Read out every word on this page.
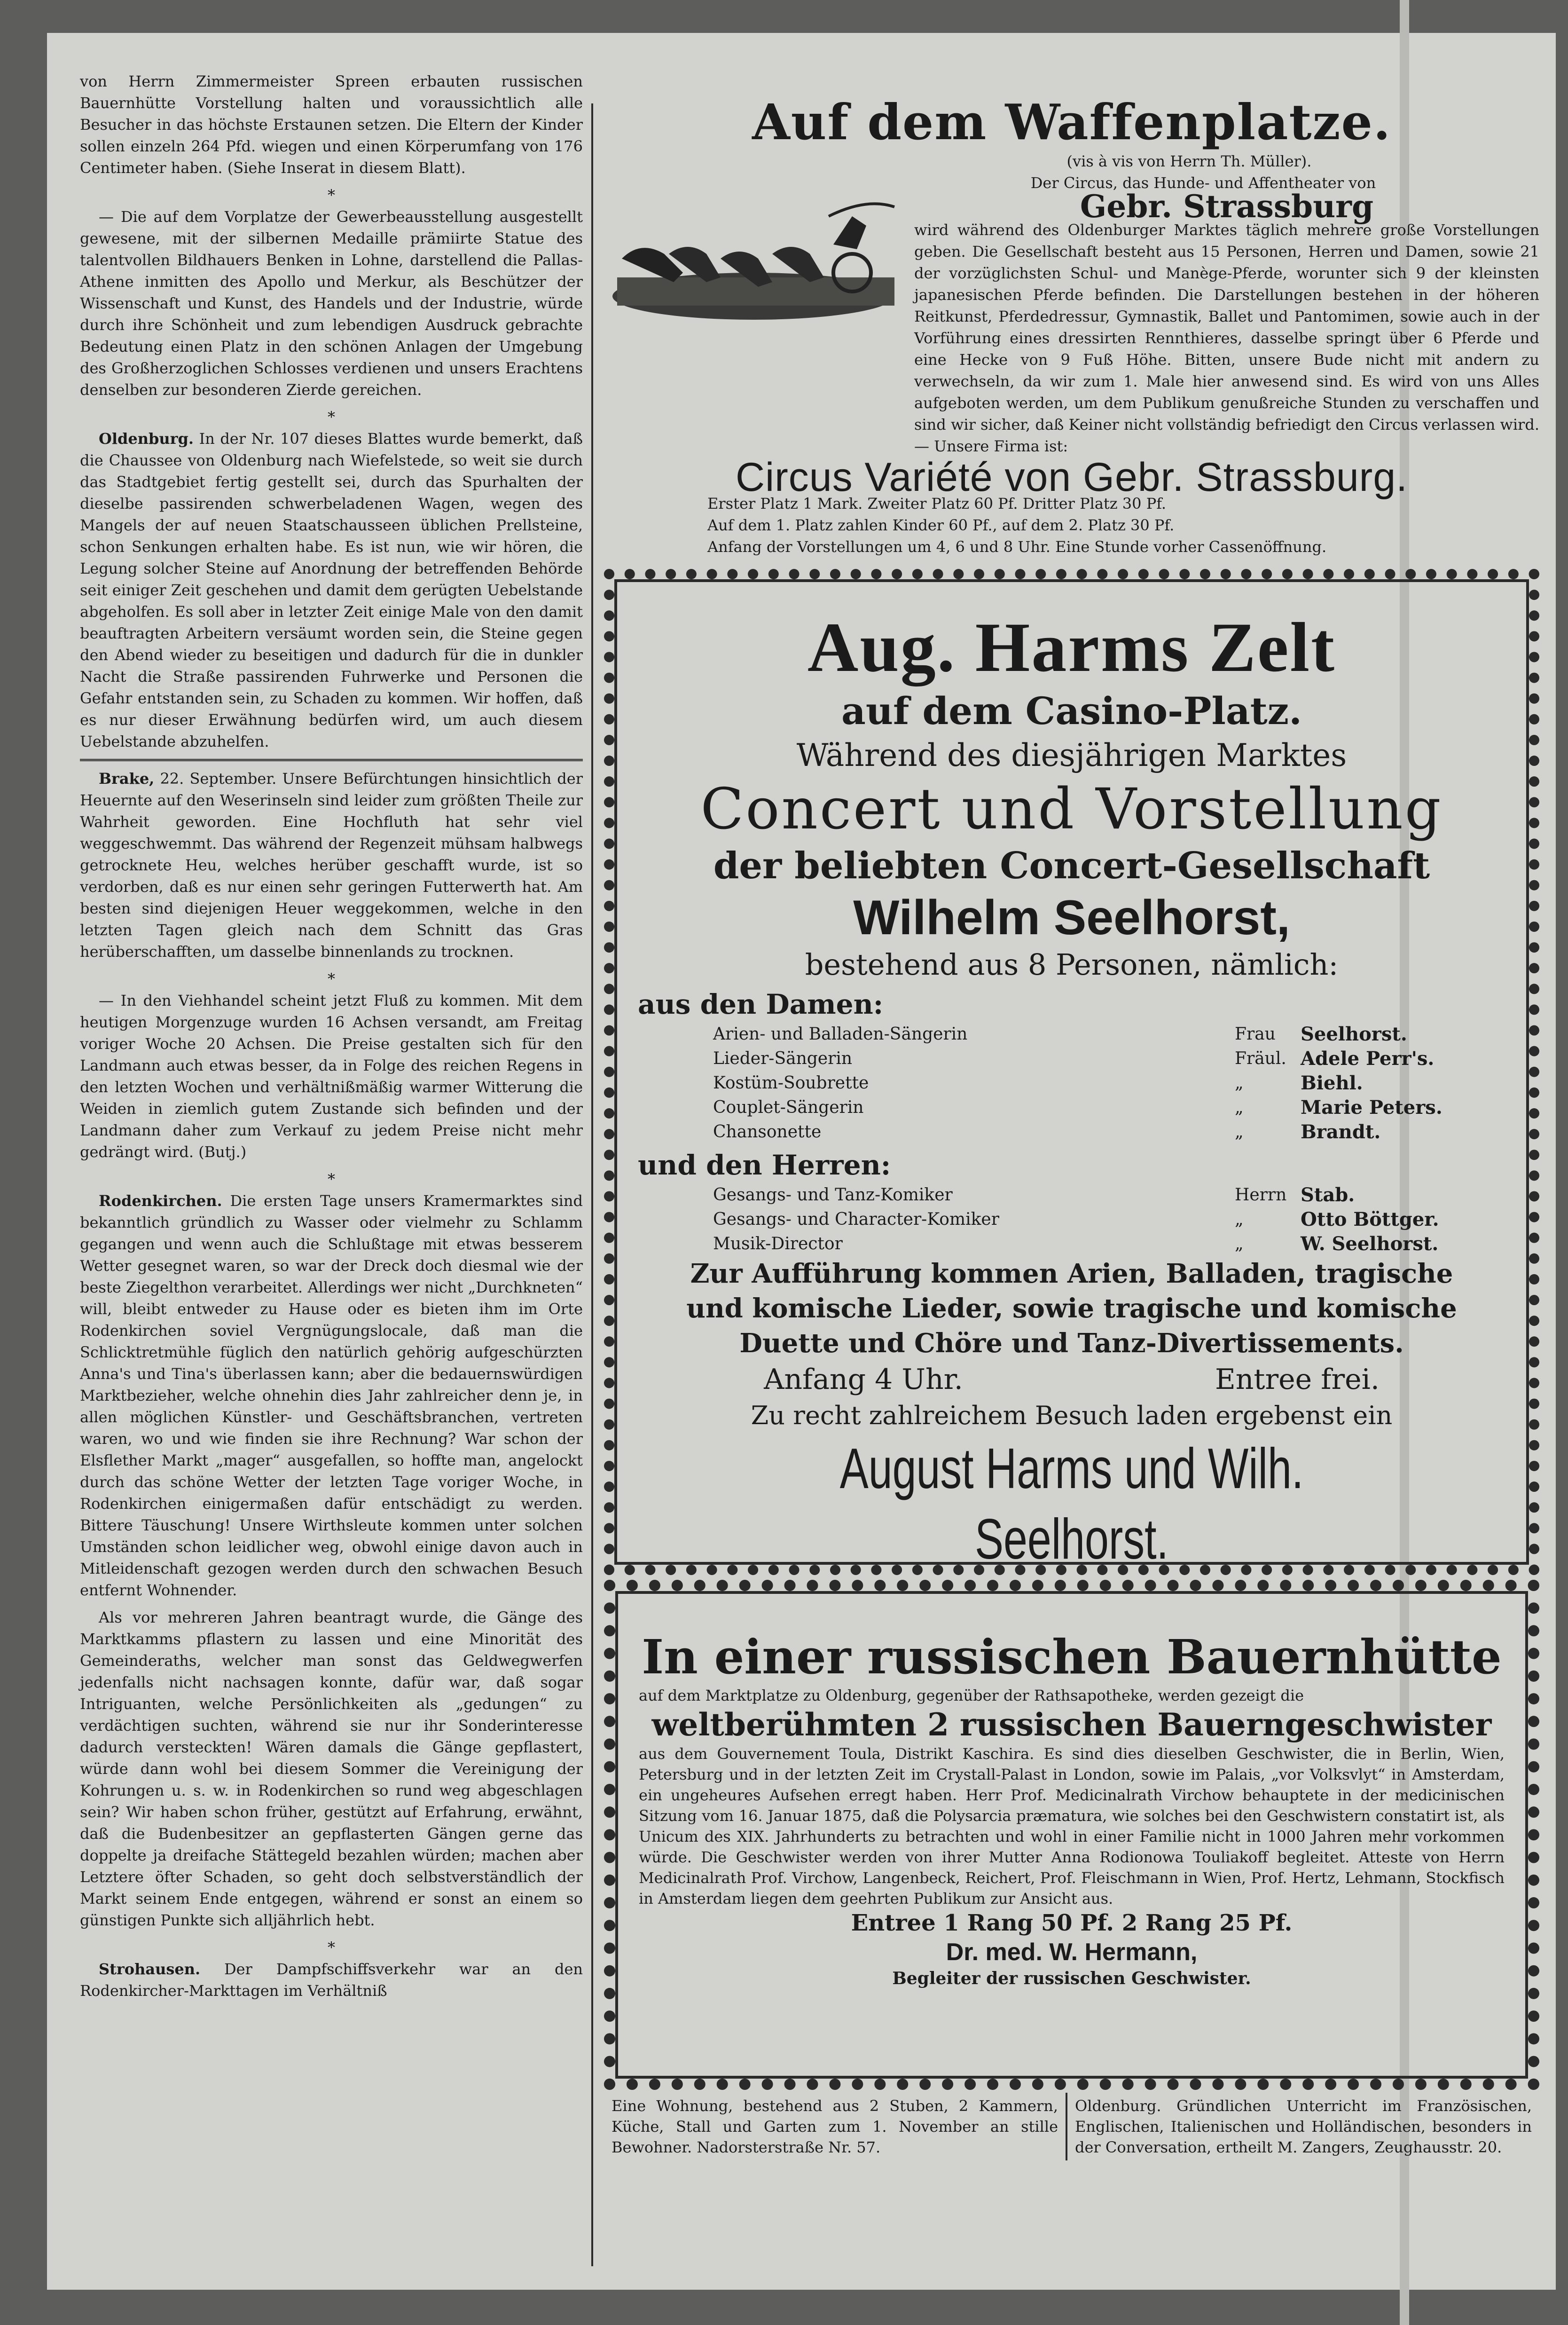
von Herrn Zimmermeister Spreen erbauten russischen Bauernhütte Vorstellung halten und voraussichtlich alle Besucher in das höchste Erstaunen setzen. Die Eltern der Kinder sollen einzeln 264 Pfd. wiegen und einen Körperumfang von 176 Centimeter haben. (Siehe Inserat in diesem Blatt).

*

— Die auf dem Vorplatze der Gewerbeausstellung ausgestellt gewesene, mit der silbernen Medaille prämiirte Statue des talentvollen Bildhauers Benken in Lohne, darstellend die Pallas-Athene inmitten des Apollo und Merkur, als Beschützer der Wissenschaft und Kunst, des Handels und der Industrie, würde durch ihre Schönheit und zum lebendigen Ausdruck gebrachte Bedeutung einen Platz in den schönen Anlagen der Umgebung des Großherzoglichen Schlosses verdienen und unsers Erachtens denselben zur besonderen Zierde gereichen.

*

Oldenburg. In der Nr. 107 dieses Blattes wurde bemerkt, daß die Chaussee von Oldenburg nach Wiefelstede, so weit sie durch das Stadtgebiet fertig gestellt sei, durch das Spurhalten der dieselbe passirenden schwerbeladenen Wagen, wegen des Mangels der auf neuen Staatschausseen üblichen Prellsteine, schon Senkungen erhalten habe. Es ist nun, wie wir hören, die Legung solcher Steine auf Anordnung der betreffenden Behörde seit einiger Zeit geschehen und damit dem gerügten Uebelstande abgeholfen. Es soll aber in letzter Zeit einige Male von den damit beauftragten Arbeitern versäumt worden sein, die Steine gegen den Abend wieder zu beseitigen und dadurch für die in dunkler Nacht die Straße passirenden Fuhrwerke und Personen die Gefahr entstanden sein, zu Schaden zu kommen. Wir hoffen, daß es nur dieser Erwähnung bedürfen wird, um auch diesem Uebelstande abzuhelfen.

Brake, 22. September. Unsere Befürchtungen hinsichtlich der Heuernte auf den Weserinseln sind leider zum größten Theile zur Wahrheit geworden. Eine Hochfluth hat sehr viel weggeschwemmt. Das während der Regenzeit mühsam halbwegs getrocknete Heu, welches herüber geschafft wurde, ist so verdorben, daß es nur einen sehr geringen Futterwerth hat. Am besten sind diejenigen Heuer weggekommen, welche in den letzten Tagen gleich nach dem Schnitt das Gras herüberschafften, um dasselbe binnenlands zu trocknen.

*

— In den Viehhandel scheint jetzt Fluß zu kommen. Mit dem heutigen Morgenzuge wurden 16 Achsen versandt, am Freitag voriger Woche 20 Achsen. Die Preise gestalten sich für den Landmann auch etwas besser, da in Folge des reichen Regens in den letzten Wochen und verhältnißmäßig warmer Witterung die Weiden in ziemlich gutem Zustande sich befinden und der Landmann daher zum Verkauf zu jedem Preise nicht mehr gedrängt wird. (Butj.)

*

Rodenkirchen. Die ersten Tage unsers Kramermarktes sind bekanntlich gründlich zu Wasser oder vielmehr zu Schlamm gegangen und wenn auch die Schlußtage mit etwas besserem Wetter gesegnet waren, so war der Dreck doch diesmal wie der beste Ziegelthon verarbeitet. Allerdings wer nicht „Durchkneten“ will, bleibt entweder zu Hause oder es bieten ihm im Orte Rodenkirchen soviel Vergnügungslocale, daß man die Schlicktretmühle füglich den natürlich gehörig aufgeschürzten Anna's und Tina's überlassen kann; aber die bedauernswürdigen Marktbezieher, welche ohnehin dies Jahr zahlreicher denn je, in allen möglichen Künstler- und Geschäftsbranchen, vertreten waren, wo und wie finden sie ihre Rechnung? War schon der Elsflether Markt „mager“ ausgefallen, so hoffte man, angelockt durch das schöne Wetter der letzten Tage voriger Woche, in Rodenkirchen einigermaßen dafür entschädigt zu werden. Bittere Täuschung! Unsere Wirthsleute kommen unter solchen Umständen schon leidlicher weg, obwohl einige davon auch in Mitleidenschaft gezogen werden durch den schwachen Besuch entfernt Wohnender.

Als vor mehreren Jahren beantragt wurde, die Gänge des Marktkamms pflastern zu lassen und eine Minorität des Gemeinderaths, welcher man sonst das Geldwegwerfen jedenfalls nicht nachsagen konnte, dafür war, daß sogar Intriguanten, welche Persönlichkeiten als „gedungen“ zu verdächtigen suchten, während sie nur ihr Sonderinteresse dadurch versteckten! Wären damals die Gänge gepflastert, würde dann wohl bei diesem Sommer die Vereinigung der Kohrungen u. s. w. in Rodenkirchen so rund weg abgeschlagen sein? Wir haben schon früher, gestützt auf Erfahrung, erwähnt, daß die Budenbesitzer an gepflasterten Gängen gerne das doppelte ja dreifache Stättegeld bezahlen würden; machen aber Letztere öfter Schaden, so geht doch selbstverständlich der Markt seinem Ende entgegen, während er sonst an einem so günstigen Punkte sich alljährlich hebt.

*

Strohausen. Der Dampfschiffsverkehr war an den Rodenkircher-Markttagen im Verhältniß

Auf dem Waffenplatze.
(vis à vis von Herrn Th. Müller).
Der Circus, das Hunde- und Affentheater von
Gebr. Strassburg
wird während des Oldenburger Marktes täglich mehrere große Vorstellungen geben. Die Gesellschaft besteht aus 15 Personen, Herren und Damen, sowie 21 der vorzüglichsten Schul- und Manège-Pferde, worunter sich 9 der kleinsten japanesischen Pferde befinden. Die Darstellungen bestehen in der höheren Reitkunst, Pferdedressur, Gymnastik, Ballet und Pantomimen, sowie auch in der Vorführung eines dressirten Rennthieres, dasselbe springt über 6 Pferde und eine Hecke von 9 Fuß Höhe. Bitten, unsere Bude nicht mit andern zu verwechseln, da wir zum 1. Male hier anwesend sind. Es wird von uns Alles aufgeboten werden, um dem Publikum genußreiche Stunden zu verschaffen und sind wir sicher, daß Keiner nicht vollständig befriedigt den Circus verlassen wird. — Unsere Firma ist:
Circus Variété von Gebr. Strassburg.

Erster Platz 1 Mark. Zweiter Platz 60 Pf. Dritter Platz 30 Pf.

Auf dem 1. Platz zahlen Kinder 60 Pf., auf dem 2. Platz 30 Pf.

Anfang der Vorstellungen um 4, 6 und 8 Uhr. Eine Stunde vorher Cassenöffnung.

Aug. Harms Zelt
auf dem Casino-Platz.
Während des diesjährigen Marktes
Concert und Vorstellung
der beliebten Concert-Gesellschaft
Wilhelm Seelhorst,
bestehend aus 8 Personen, nämlich:
aus den Damen:
Arien- und Balladen-Sängerin	Frau	Seelhorst.
Lieder-Sängerin	Fräul. Adele Perr's.
Kostüm-Soubrette	„	Biehl.
Couplet-Sängerin	„	Marie Peters.
Chansonette	„	Brandt.
und den Herren:
Gesangs- und Tanz-Komiker	Herrn Stab.
Gesangs- und Character-Komiker	„	Otto Böttger.
Musik-Director	„	W. Seelhorst.
Zur Aufführung kommen Arien, Balladen, tragische
und komische Lieder, sowie tragische und komische
Duette und Chöre und Tanz-Divertissements.
Anfang 4 Uhr.	Entree frei.
Zu recht zahlreichem Besuch laden ergebenst ein
August Harms und Wilh. Seelhorst.
In einer russischen Bauernhütte
auf dem Marktplatze zu Oldenburg, gegenüber der Rathsapotheke, werden gezeigt die
weltberühmten 2 russischen Bauerngeschwister
aus dem Gouvernement Toula, Distrikt Kaschira. Es sind dies dieselben Geschwister, die in Berlin, Wien, Petersburg und in der letzten Zeit im Crystall-Palast in London, sowie im Palais, „vor Volksvlyt“ in Amsterdam, ein ungeheures Aufsehen erregt haben. Herr Prof. Medicinalrath Virchow behauptete in der medicinischen Sitzung vom 16. Januar 1875, daß die Polysarcia præmatura, wie solches bei den Geschwistern constatirt ist, als Unicum des XIX. Jahrhunderts zu betrachten und wohl in einer Familie nicht in 1000 Jahren mehr vorkommen würde. Die Geschwister werden von ihrer Mutter Anna Rodionowa Touliakoff begleitet. Atteste von Herrn Medicinalrath Prof. Virchow, Langenbeck, Reichert, Prof. Fleischmann in Wien, Prof. Hertz, Lehmann, Stockfisch in Amsterdam liegen dem geehrten Publikum zur Ansicht aus.
Entree 1 Rang 50 Pf. 2 Rang 25 Pf.
Dr. med. W. Hermann,
Begleiter der russischen Geschwister.
Eine Wohnung, bestehend aus 2 Stuben, 2 Kammern, Küche, Stall und Garten zum 1. November an stille Bewohner. Nadorsterstraße Nr. 57.
Oldenburg. Gründlichen Unterricht im Französischen, Englischen, Italienischen und Holländischen, besonders in der Conversation, ertheilt M. Zangers, Zeughausstr. 20.
